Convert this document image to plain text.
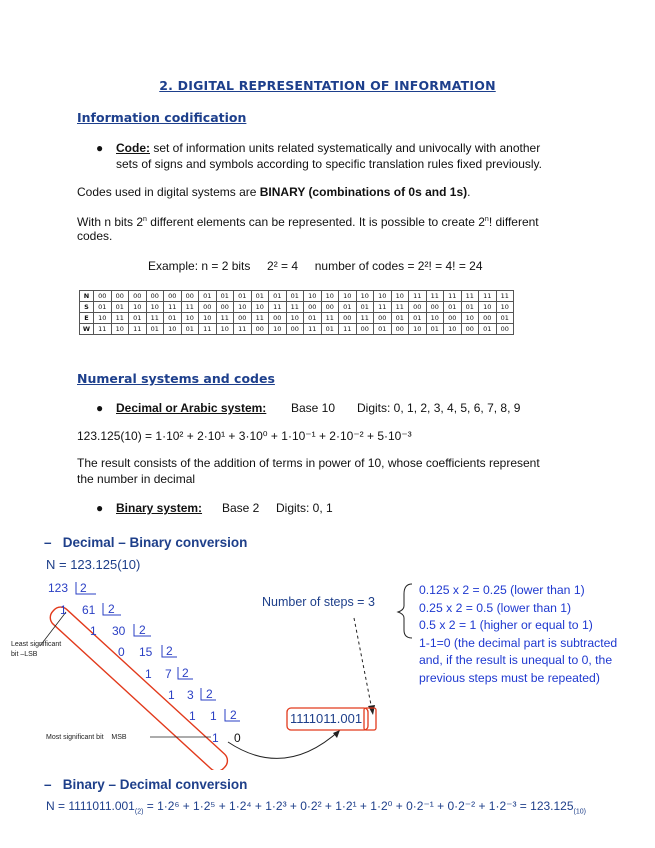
2. DIGITAL REPRESENTATION OF INFORMATION
Information codification
● Code: set of information units related systematically and univocally with another
sets of signs and symbols according to specific translation rules fixed previously.
Codes used in digital systems are BINARY (combinations of 0s and 1s).
With n bits 2$^n$ different elements can be represented. It is possible to create 2$^n$! different
codes.
Example: n = 2 bits     2² = 4     number of codes = 2²! = 4! = 24
N	00	00	00	00	00	00	01	01	01	01	01	01	10	10	10	10	10	10	11	11	11	11	11	11
S	01	01	10	10	11	11	00	00	10	10	11	11	00	00	01	01	11	11	00	00	01	01	10	10
E	10	11	01	11	01	10	10	11	00	11	00	10	01	11	00	11	00	01	01	10	00	10	00	01
W	11	10	11	01	10	01	11	10	11	00	10	00	11	01	11	00	01	00	10	01	10	00	01	00
Numeral systems and codes
● Decimal or Arabic system: Base 10 Digits: 0, 1, 2, 3, 4, 5, 6, 7, 8, 9
123.125(10) = 1·10² + 2·10¹ + 3·10⁰ + 1·10⁻¹ + 2·10⁻² + 5·10⁻³
The result consists of the addition of terms in power of 10, whose coefficients represent
the number in decimal
● Binary system: Base 2 Digits: 0, 1
–   Decimal – Binary conversion
N = 123.125(10)
123 2
1 61 2
1 30 2
0 15 2
1 7 2
1 3 2
1 1 2
1 0
Least significant
bit –LSB
Most significant bit    MSB
1111011.001
Number of steps = 3
0.125 x 2 = 0.25 (lower than 1)
0.25 x 2 = 0.5 (lower than 1)
0.5 x 2 = 1 (higher or equal to 1)
1-1=0 (the decimal part is subtracted
and, if the result is unequal to 0, the
previous steps must be repeated)
–   Binary – Decimal conversion
$N = 1111011.001_{(2)} = 1\cdot 2^6 + 1\cdot 2^5 + 1\cdot 2^4 + 1\cdot 2^3 + 0\cdot 2^2 + 1\cdot 2^1 + 1\cdot 2^0 + 0\cdot 2^{-1} + 0\cdot 2^{-2} + 1\cdot 2^{-3} = 123.125_{(10)}$
